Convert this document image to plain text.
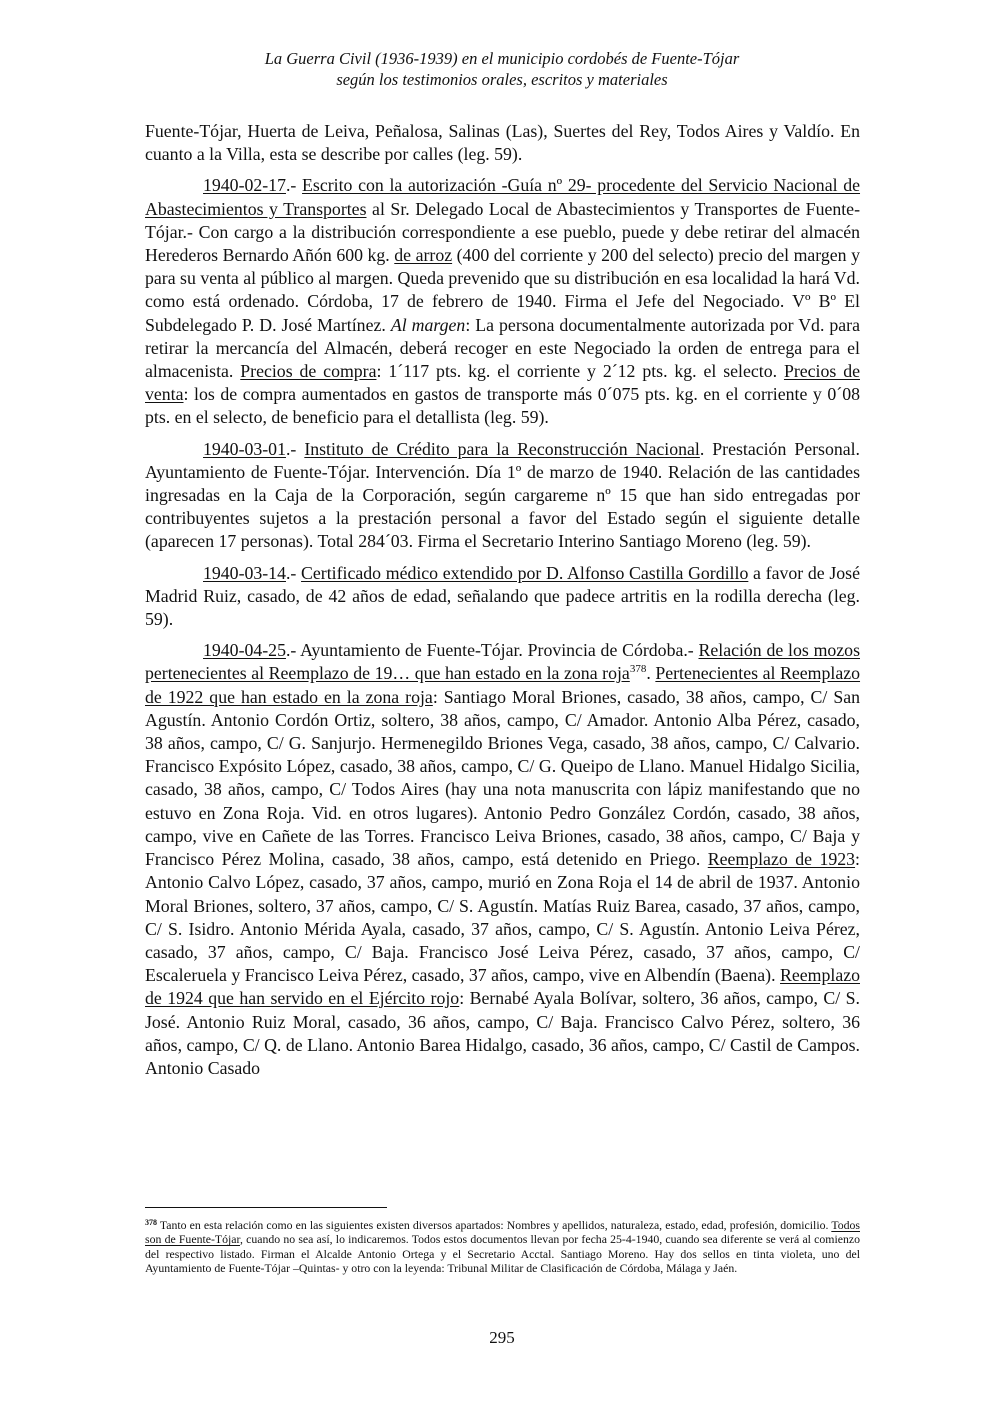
La Guerra Civil (1936-1939) en el municipio cordobés de Fuente-Tójar
según los testimonios orales, escritos y materiales

Fuente-Tójar, Huerta de Leiva, Peñalosa, Salinas (Las), Suertes del Rey, Todos Aires y Valdío. En cuanto a la Villa, esta se describe por calles (leg. 59).

1940-02-17.- Escrito con la autorización -Guía nº 29- procedente del Servicio Nacional de Abastecimientos y Transportes al Sr. Delegado Local de Abastecimientos y Transportes de Fuente-Tójar.- Con cargo a la distribución correspondiente a ese pueblo, puede y debe retirar del almacén Herederos Bernardo Añón 600 kg. de arroz (400 del corriente y 200 del selecto) precio del margen y para su venta al público al margen. Queda prevenido que su distribución en esa localidad la hará Vd. como está ordenado. Córdoba, 17 de febrero de 1940. Firma el Jefe del Negociado. Vº Bº El Subdelegado P. D. José Martínez. Al margen: La persona documentalmente autorizada por Vd. para retirar la mercancía del Almacén, deberá recoger en este Negociado la orden de entrega para el almacenista. Precios de compra: 1´117 pts. kg. el corriente y 2´12 pts. kg. el selecto. Precios de venta: los de compra aumentados en gastos de transporte más 0´075 pts. kg. en el corriente y 0´08 pts. en el selecto, de beneficio para el detallista (leg. 59).

1940-03-01.- Instituto de Crédito para la Reconstrucción Nacional. Prestación Personal. Ayuntamiento de Fuente-Tójar. Intervención. Día 1º de marzo de 1940. Relación de las cantidades ingresadas en la Caja de la Corporación, según cargareme nº 15 que han sido entregadas por contribuyentes sujetos a la prestación personal a favor del Estado según el siguiente detalle (aparecen 17 personas). Total 284´03. Firma el Secretario Interino Santiago Moreno (leg. 59).

1940-03-14.- Certificado médico extendido por D. Alfonso Castilla Gordillo a favor de José Madrid Ruiz, casado, de 42 años de edad, señalando que padece artritis en la rodilla derecha (leg. 59).

1940-04-25.- Ayuntamiento de Fuente-Tójar. Provincia de Córdoba.- Relación de los mozos pertenecientes al Reemplazo de 19… que han estado en la zona roja$^{378}$. Pertenecientes al Reemplazo de 1922 que han estado en la zona roja: Santiago Moral Briones, casado, 38 años, campo, C/ San Agustín. Antonio Cordón Ortiz, soltero, 38 años, campo, C/ Amador. Antonio Alba Pérez, casado, 38 años, campo, C/ G. Sanjurjo. Hermenegildo Briones Vega, casado, 38 años, campo, C/ Calvario. Francisco Expósito López, casado, 38 años, campo, C/ G. Queipo de Llano. Manuel Hidalgo Sicilia, casado, 38 años, campo, C/ Todos Aires (hay una nota manuscrita con lápiz manifestando que no estuvo en Zona Roja. Vid. en otros lugares). Antonio Pedro González Cordón, casado, 38 años, campo, vive en Cañete de las Torres. Francisco Leiva Briones, casado, 38 años, campo, C/ Baja y Francisco Pérez Molina, casado, 38 años, campo, está detenido en Priego. Reemplazo de 1923: Antonio Calvo López, casado, 37 años, campo, murió en Zona Roja el 14 de abril de 1937. Antonio Moral Briones, soltero, 37 años, campo, C/ S. Agustín. Matías Ruiz Barea, casado, 37 años, campo, C/ S. Isidro. Antonio Mérida Ayala, casado, 37 años, campo, C/ S. Agustín. Antonio Leiva Pérez, casado, 37 años, campo, C/ Baja. Francisco José Leiva Pérez, casado, 37 años, campo, C/ Escaleruela y Francisco Leiva Pérez, casado, 37 años, campo, vive en Albendín (Baena). Reemplazo de 1924 que han servido en el Ejército rojo: Bernabé Ayala Bolívar, soltero, 36 años, campo, C/ S. José. Antonio Ruiz Moral, casado, 36 años, campo, C/ Baja. Francisco Calvo Pérez, soltero, 36 años, campo, C/ Q. de Llano. Antonio Barea Hidalgo, casado, 36 años, campo, C/ Castil de Campos. Antonio Casado

$^{378}$ Tanto en esta relación como en las siguientes existen diversos apartados: Nombres y apellidos, naturaleza, estado, edad, profesión, domicilio. Todos son de Fuente-Tójar, cuando no sea así, lo indicaremos. Todos estos documentos llevan por fecha 25-4-1940, cuando sea diferente se verá al comienzo del respectivo listado. Firman el Alcalde Antonio Ortega y el Secretario Acctal. Santiago Moreno. Hay dos sellos en tinta violeta, uno del Ayuntamiento de Fuente-Tójar –Quintas- y otro con la leyenda: Tribunal Militar de Clasificación de Córdoba, Málaga y Jaén.
295
